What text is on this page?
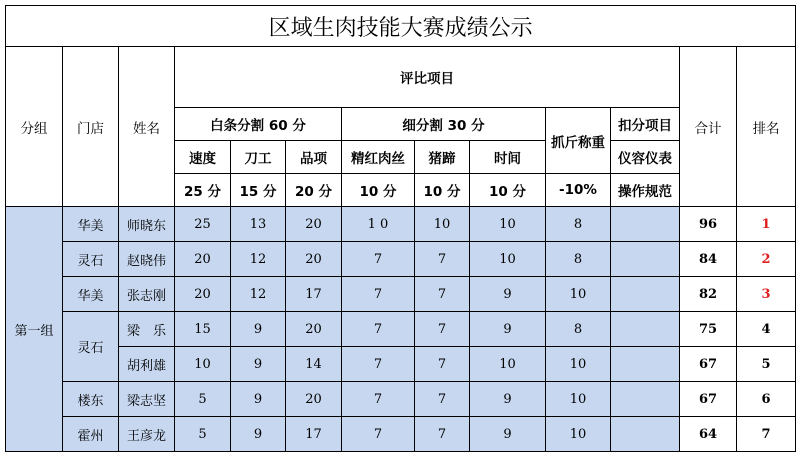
区域生肉技能大赛成绩公示												
分组	门店	姓名	评比项目								合计	排名
			白条分割 60 分			细分割 30 分			抓斤称重	扣分项目		
			速度	刀工	品项	精红肉丝	猪蹄	时间		仪容仪表		
			25 分	15 分	20 分	10 分	10 分	10 分	-10%	操作规范		
第一组	华美	师晓东	25	13	20	1 0	10	10	8		96	1
	灵石	赵晓伟	20	12	20	7	7	10	8		84	2
	华美	张志刚	20	12	17	7	7	9	10		82	3
	灵石	梁　乐	15	9	20	7	7	9	8		75	4
		胡利雄	10	9	14	7	7	10	10		67	5
	楼东	梁志坚	5	9	20	7	7	9	10		67	6
	霍州	王彦龙	5	9	17	7	7	9	10		64	7
